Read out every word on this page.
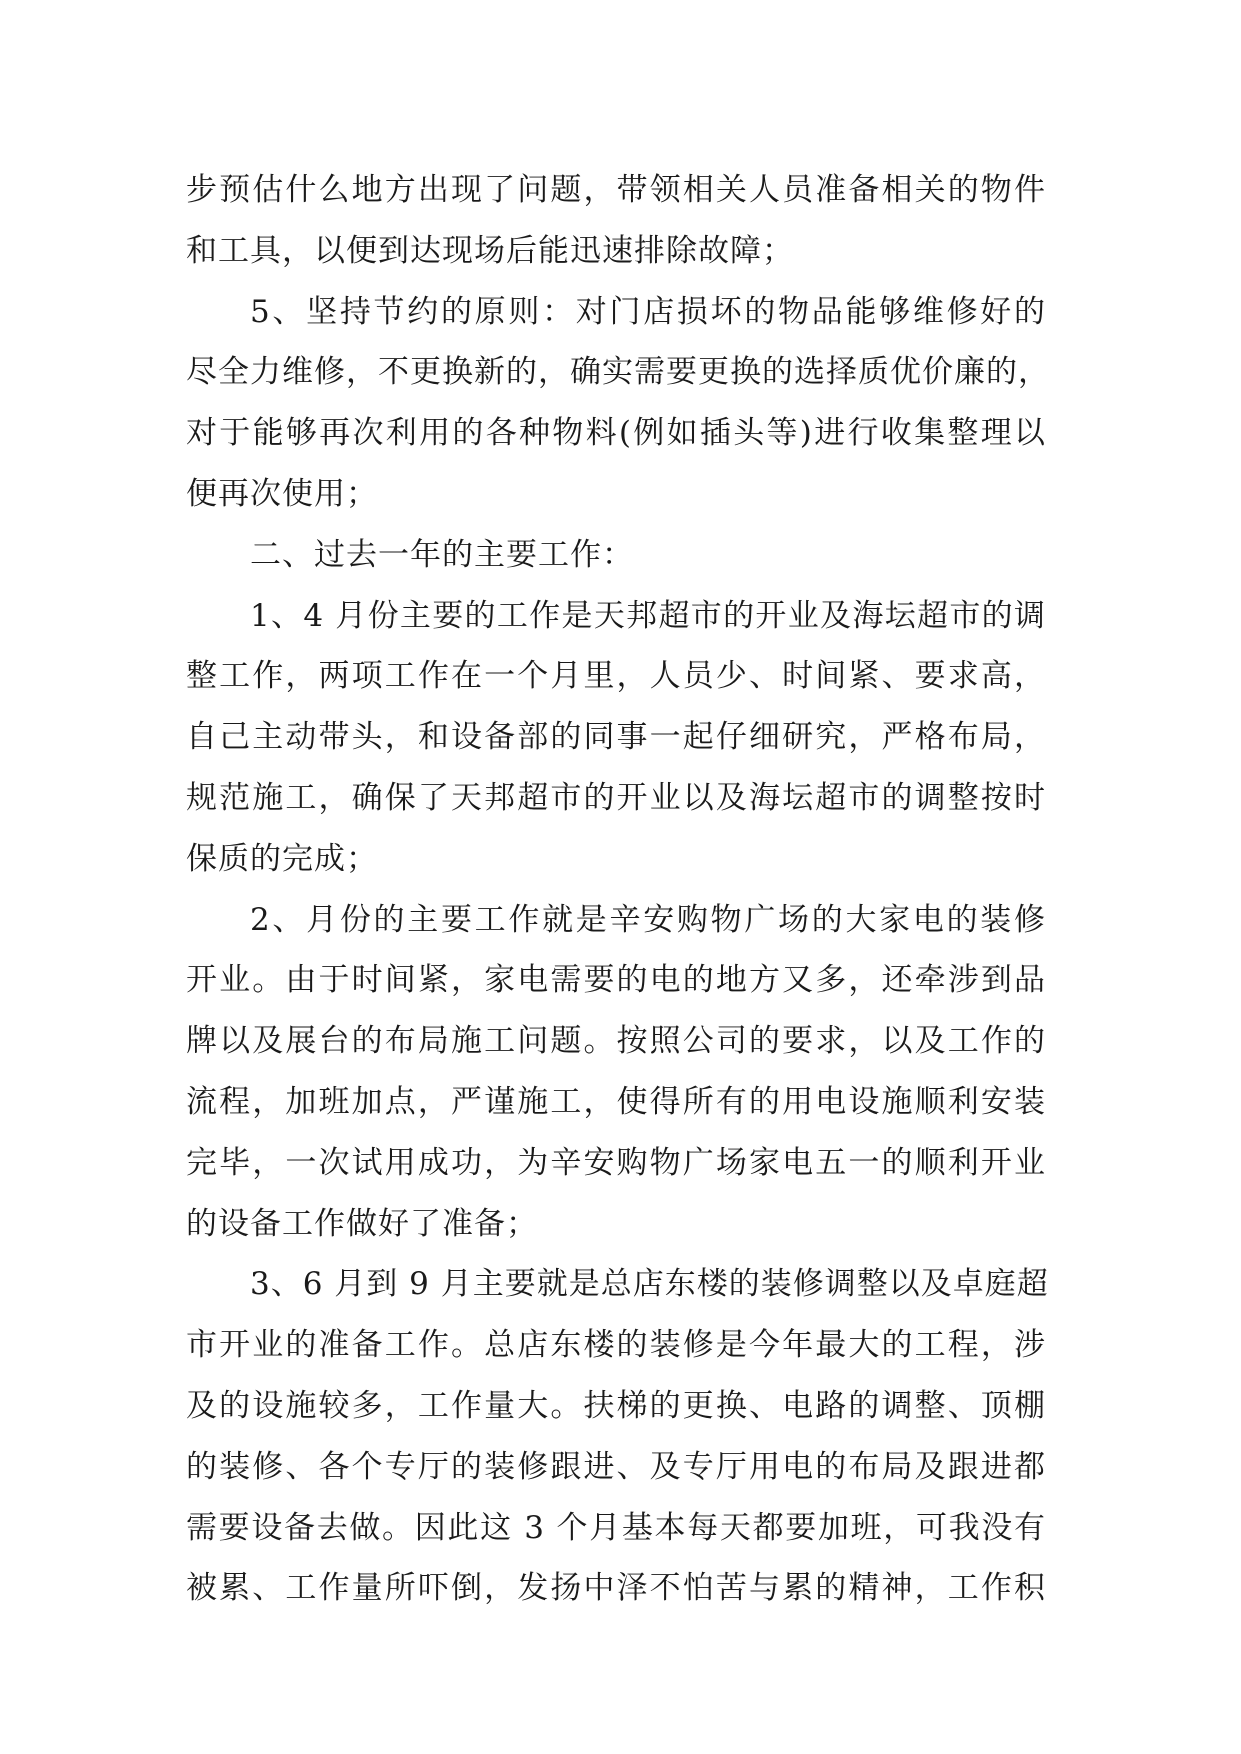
步预估什么地方出现了问题，带领相关人员准备相关的物件
和工具，以便到达现场后能迅速排除故障；
5、坚持节约的原则：对门店损坏的物品能够维修好的
尽全力维修，不更换新的，确实需要更换的选择质优价廉的，
对于能够再次利用的各种物料(例如插头等)进行收集整理以
便再次使用；
二、过去一年的主要工作：
1、4 月份主要的工作是天邦超市的开业及海坛超市的调
整工作，两项工作在一个月里，人员少、时间紧、要求高，
自己主动带头，和设备部的同事一起仔细研究，严格布局，
规范施工，确保了天邦超市的开业以及海坛超市的调整按时
保质的完成；
2、月份的主要工作就是辛安购物广场的大家电的装修
开业。由于时间紧，家电需要的电的地方又多，还牵涉到品
牌以及展台的布局施工问题。按照公司的要求，以及工作的
流程，加班加点，严谨施工，使得所有的用电设施顺利安装
完毕，一次试用成功，为辛安购物广场家电五一的顺利开业
的设备工作做好了准备；
3、6 月到 9 月主要就是总店东楼的装修调整以及卓庭超
市开业的准备工作。总店东楼的装修是今年最大的工程，涉
及的设施较多，工作量大。扶梯的更换、电路的调整、顶棚
的装修、各个专厅的装修跟进、及专厅用电的布局及跟进都
需要设备去做。因此这 3 个月基本每天都要加班，可我没有
被累、工作量所吓倒，发扬中泽不怕苦与累的精神，工作积
